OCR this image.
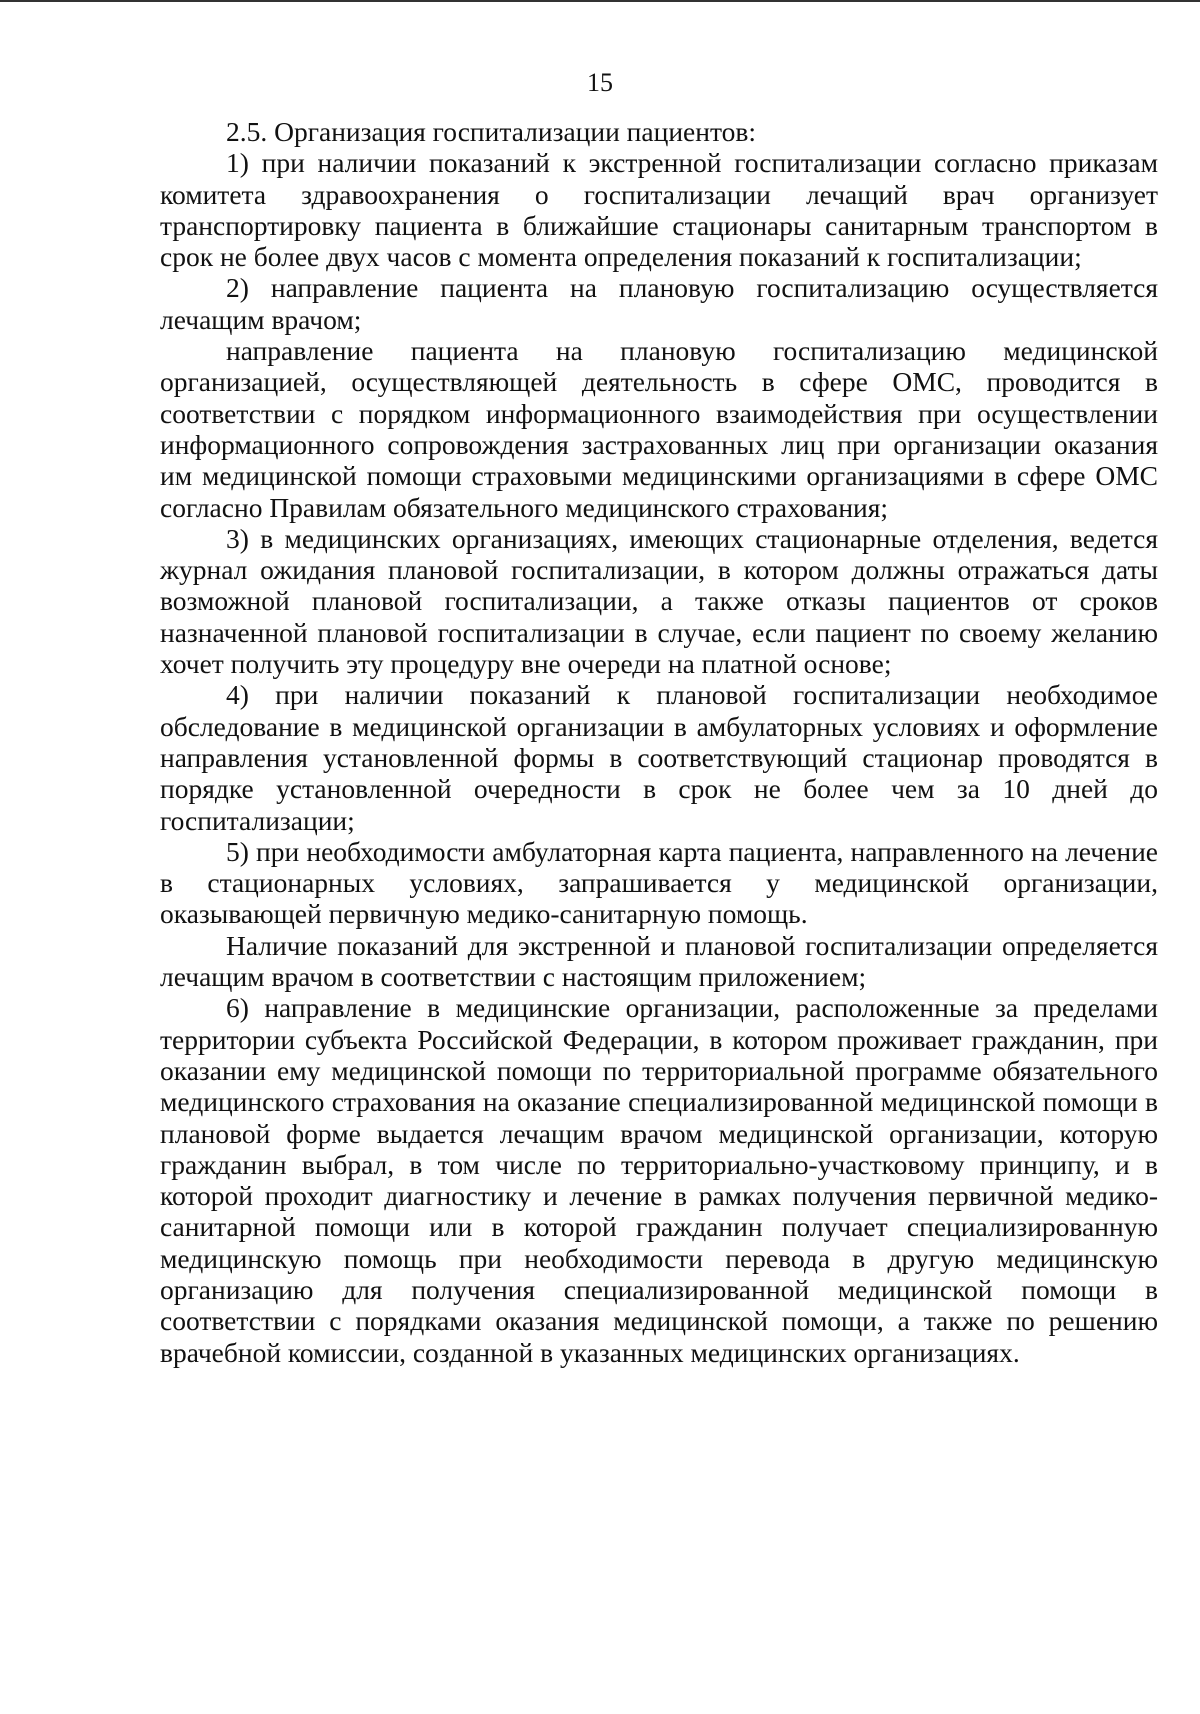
15

2.5. Организация госпитализации пациентов:

1) при наличии показаний к экстренной госпитализации согласно приказам комитета здравоохранения о госпитализации лечащий врач организует транспортировку пациента в ближайшие стационары санитарным транспортом в срок не более двух часов с момента определения показаний к госпитализации;

2) направление пациента на плановую госпитализацию осуществляется лечащим врачом;

направление пациента на плановую госпитализацию медицинской организацией, осуществляющей деятельность в сфере ОМС, проводится в соответствии с порядком информационного взаимодействия при осуществлении информационного сопровождения застрахованных лиц при организации оказания им медицинской помощи страховыми медицинскими организациями в сфере ОМС согласно Правилам обязательного медицинского страхования;

3) в медицинских организациях, имеющих стационарные отделения, ведется журнал ожидания плановой госпитализации, в котором должны отражаться даты возможной плановой госпитализации, а также отказы пациентов от сроков назначенной плановой госпитализации в случае, если пациент по своему желанию хочет получить эту процедуру вне очереди на платной основе;

4) при наличии показаний к плановой госпитализации необходимое обследование в медицинской организации в амбулаторных условиях и оформление направления установленной формы в соответствующий стационар проводятся в порядке установленной очередности в срок не более чем за 10 дней до госпитализации;

5) при необходимости амбулаторная карта пациента, направленного на лечение в стационарных условиях, запрашивается у медицинской организации, оказывающей первичную медико-санитарную помощь.

Наличие показаний для экстренной и плановой госпитализации определяется лечащим врачом в соответствии с настоящим приложением;

6) направление в медицинские организации, расположенные за пределами территории субъекта Российской Федерации, в котором проживает гражданин, при оказании ему медицинской помощи по территориальной программе обязательного медицинского страхования на оказание специализированной медицинской помощи в плановой форме выдается лечащим врачом медицинской организации, которую гражданин выбрал, в том числе по территориально-участковому принципу, и в которой проходит диагностику и лечение в рамках получения первичной медико-санитарной помощи или в которой гражданин получает специализированную медицинскую помощь при необходимости перевода в другую медицинскую организацию для получения специализированной медицинской помощи в соответствии с порядками оказания медицинской помощи, а также по решению врачебной комиссии, созданной в указанных медицинских организациях.
